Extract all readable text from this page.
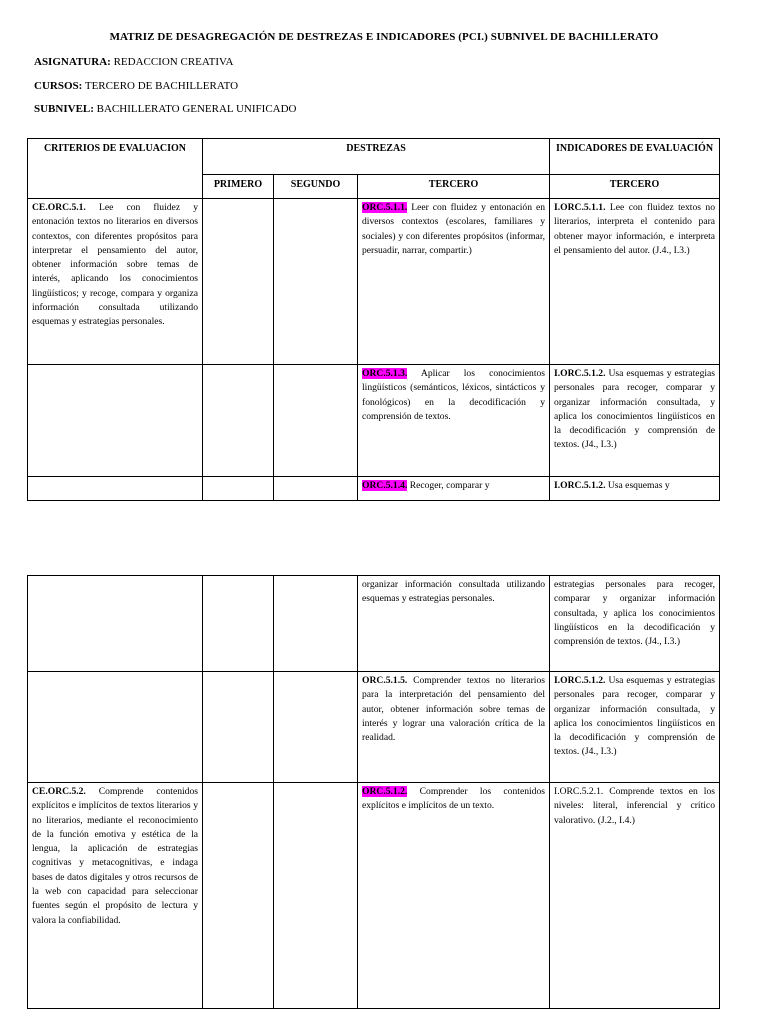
MATRIZ DE DESAGREGACIÓN DE DESTREZAS E INDICADORES (PCI.) SUBNIVEL DE BACHILLERATO
ASIGNATURA: REDACCION CREATIVA
CURSOS: TERCERO DE BACHILLERATO
SUBNIVEL: BACHILLERATO GENERAL UNIFICADO
CRITERIOS DE EVALUACION	DESTREZAS			INDICADORES DE EVALUACIÓN
	PRIMERO	SEGUNDO	TERCERO	TERCERO
CE.ORC.5.1. Lee con fluidez y entonación textos no literarios en diversos contextos, con diferentes propósitos para interpretar el pensamiento del autor, obtener información sobre temas de interés, aplicando los conocimientos lingüísticos; y recoge, compara y organiza información consultada utilizando esquemas y estrategias personales.			ORC.5.1.1. Leer con fluidez y entonación en diversos contextos (escolares, familiares y sociales) y con diferentes propósitos (informar, persuadir, narrar, compartir.)	I.ORC.5.1.1. Lee con fluidez textos no literarios, interpreta el contenido para obtener mayor información, e interpreta el pensamiento del autor. (J.4., I.3.)
			ORC.5.1.3. Aplicar los conocimientos lingüísticos (semánticos, léxicos, sintácticos y fonológicos) en la decodificación y comprensión de textos.	I.ORC.5.1.2. Usa esquemas y estrategias personales para recoger, comparar y organizar información consultada, y aplica los conocimientos lingüísticos en la decodificación y comprensión de textos. (J4., I.3.)
			ORC.5.1.4. Recoger, comparar y	I.ORC.5.1.2. Usa esquemas y
			organizar información consultada utilizando esquemas y estrategias personales.	estrategias personales para recoger, comparar y organizar información consultada, y aplica los conocimientos lingüísticos en la decodificación y comprensión de textos. (J4., I.3.)
			ORC.5.1.5. Comprender textos no literarios para la interpretación del pensamiento del autor, obtener información sobre temas de interés y lograr una valoración crítica de la realidad.	I.ORC.5.1.2. Usa esquemas y estrategias personales para recoger, comparar y organizar información consultada, y aplica los conocimientos lingüísticos en la decodificación y comprensión de textos. (J4., I.3.)
CE.ORC.5.2. Comprende contenidos explícitos e implícitos de textos literarios y no literarios, mediante el reconocimiento de la función emotiva y estética de la lengua, la aplicación de estrategias cognitivas y metacognitivas, e indaga bases de datos digitales y otros recursos de la web con capacidad para seleccionar fuentes según el propósito de lectura y valora la confiabilidad.			ORC.5.1.2. Comprender los contenidos explícitos e implícitos de un texto.	I.ORC.5.2.1. Comprende textos en los niveles: literal, inferencial y crítico valorativo. (J.2., I.4.)
